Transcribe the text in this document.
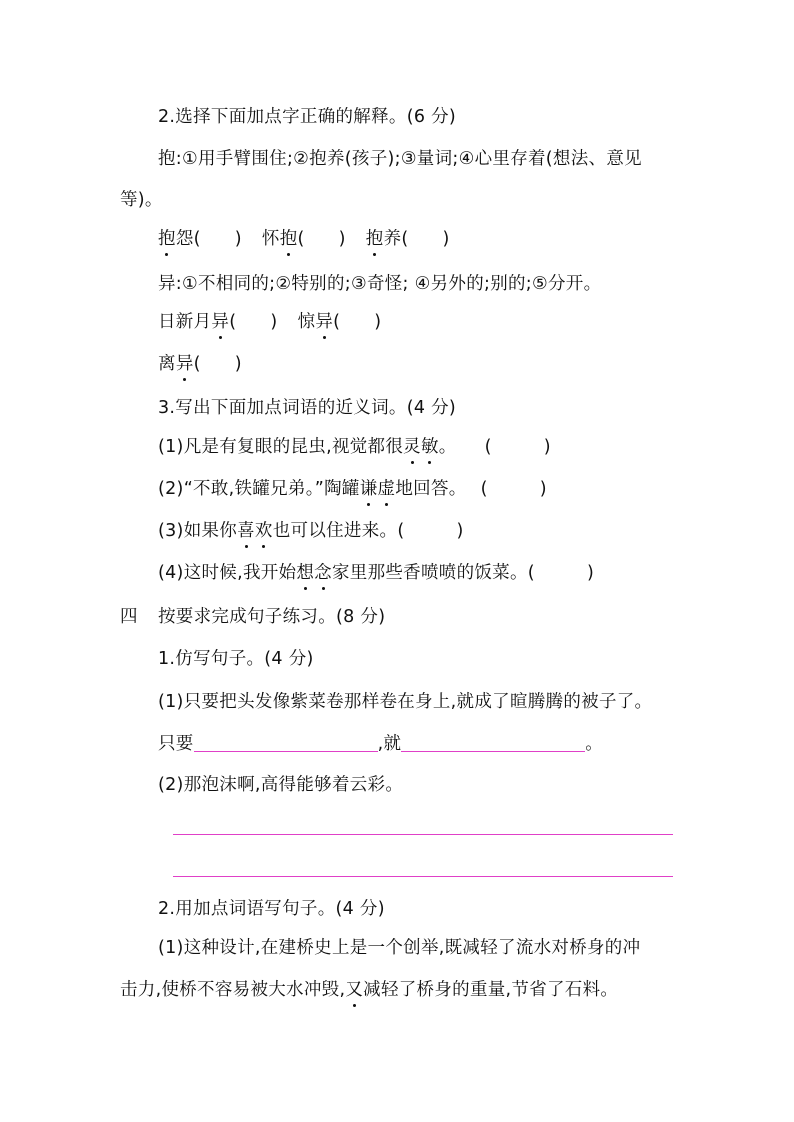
2.选择下面加点字正确的解释。(6 分)
抱:①用手臂围住;②抱养(孩子);③量词;④心里存着(想法、意见
等)。
抱怨( ) 怀抱( ) 抱养( )
异:①不相同的;②特别的;③奇怪; ④另外的;别的;⑤分开。
日新月异( ) 惊异( )
离异( )
3.写出下面加点词语的近义词。(4 分)
(1)凡是有复眼的昆虫,视觉都很灵敏。 (	)
(2)“不敢,铁罐兄弟。”陶罐谦虚地回答。 (	)
(3)如果你喜欢也可以住进来。(	)
(4)这时候,我开始想念家里那些香喷喷的饭菜。(	)
四 按要求完成句子练习。(8 分)
1.仿写句子。(4 分)
(1)只要把头发像紫菜卷那样卷在身上,就成了暄腾腾的被子了。
只要	,就	。
(2)那泡沫啊,高得能够着云彩。
2.用加点词语写句子。(4 分)
(1)这种设计,在建桥史上是一个创举,既减轻了流水对桥身的冲
击力,使桥不容易被大水冲毁,又减轻了桥身的重量,节省了石料。
